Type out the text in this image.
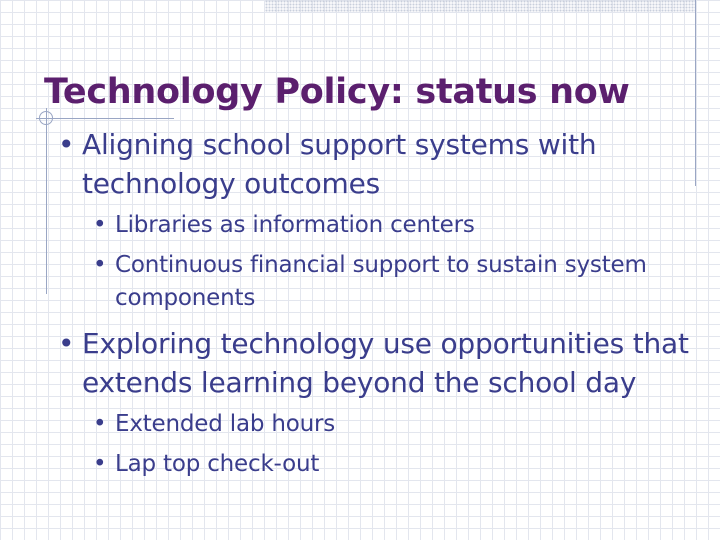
Technology Policy: status now
• Aligning school support systems with
technology outcomes
• Libraries as information centers
• Continuous financial support to sustain system
components
• Exploring technology use opportunities that
extends learning beyond the school day
• Extended lab hours
• Lap top check-out
